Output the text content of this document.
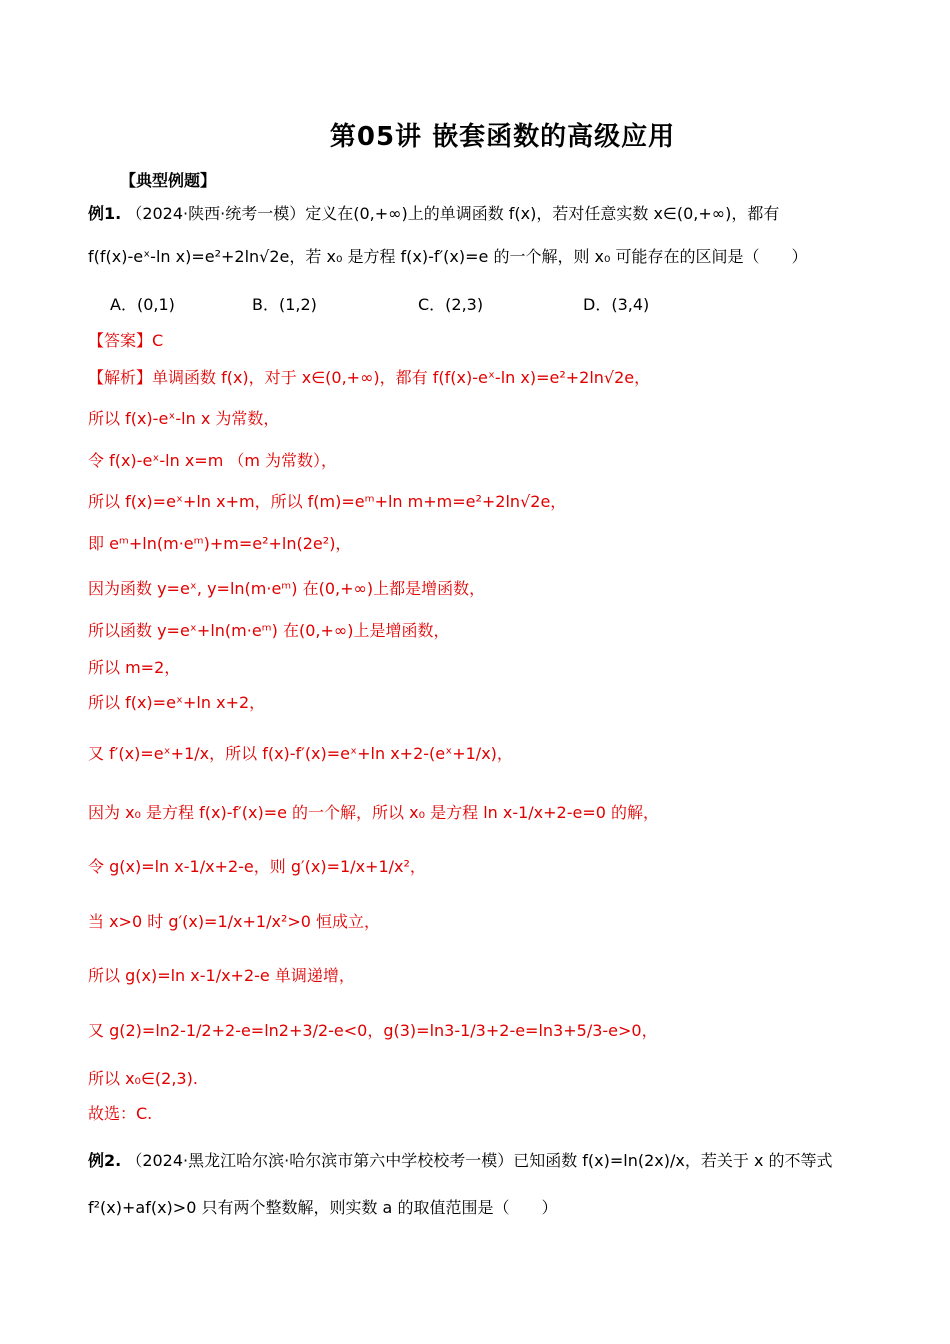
第05讲 嵌套函数的高级应用
【典型例题】
例1. （2024·陕西·统考一模）定义在(0,+∞)上的单调函数 f(x)，若对任意实数 x∈(0,+∞)，都有
f(f(x)-eˣ-ln x)=e²+2ln√2e，若 x₀ 是方程 f(x)-f′(x)=e 的一个解，则 x₀ 可能存在的区间是（　　）
A．(0,1)	B．(1,2)	C．(2,3)	D．(3,4)
【答案】C
【解析】单调函数 f(x)，对于 x∈(0,+∞)，都有 f(f(x)-eˣ-ln x)=e²+2ln√2e，
所以 f(x)-eˣ-ln x 为常数，
令 f(x)-eˣ-ln x=m （m 为常数），
所以 f(x)=eˣ+ln x+m，所以 f(m)=eᵐ+ln m+m=e²+2ln√2e，
即 eᵐ+ln(m·eᵐ)+m=e²+ln(2e²)，
因为函数 y=eˣ, y=ln(m·eᵐ) 在(0,+∞)上都是增函数，
所以函数 y=eˣ+ln(m·eᵐ) 在(0,+∞)上是增函数，
所以 m=2，
所以 f(x)=eˣ+ln x+2，
又 f′(x)=eˣ+1/x，所以 f(x)-f′(x)=eˣ+ln x+2-(eˣ+1/x)，
因为 x₀ 是方程 f(x)-f′(x)=e 的一个解，所以 x₀ 是方程 ln x-1/x+2-e=0 的解，
令 g(x)=ln x-1/x+2-e，则 g′(x)=1/x+1/x²，
当 x>0 时 g′(x)=1/x+1/x²>0 恒成立，
所以 g(x)=ln x-1/x+2-e 单调递增，
又 g(2)=ln2-1/2+2-e=ln2+3/2-e<0，g(3)=ln3-1/3+2-e=ln3+5/3-e>0，
所以 x₀∈(2,3).
故选：C.
例2. （2024·黑龙江哈尔滨·哈尔滨市第六中学校校考一模）已知函数 f(x)=ln(2x)/x，若关于 x 的不等式
f²(x)+af(x)>0 只有两个整数解，则实数 a 的取值范围是（　　）
